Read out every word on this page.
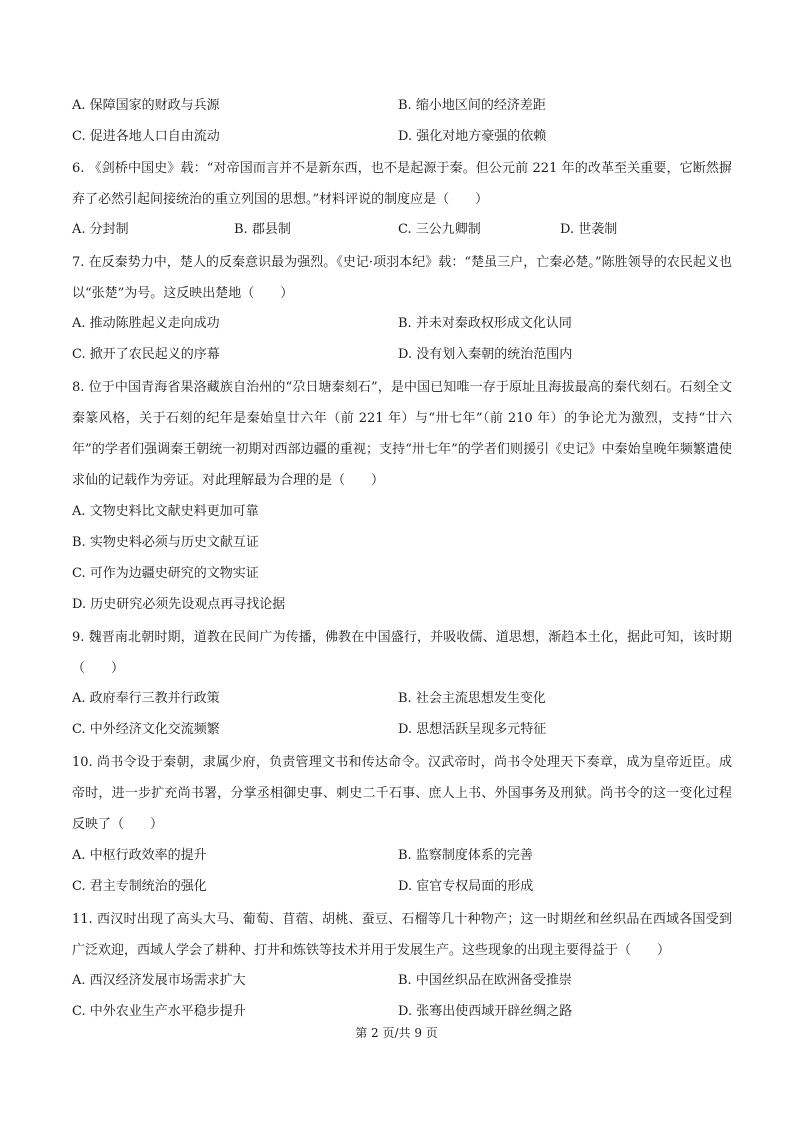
A. 保障国家的财政与兵源	B. 缩小地区间的经济差距
C. 促进各地人口自由流动	D. 强化对地方豪强的依赖
6. 《剑桥中国史》载：“对帝国而言并不是新东西，也不是起源于秦。但公元前 221 年的改革至关重要，它断然摒弃了必然引起间接统治的重立列国的思想。”材料评说的制度应是（　　）
A. 分封制	B. 郡县制	C. 三公九卿制	D. 世袭制
7. 在反秦势力中，楚人的反秦意识最为强烈。《史记·项羽本纪》载：“楚虽三户，亡秦必楚。”陈胜领导的农民起义也以“张楚”为号。这反映出楚地（　　）
A. 推动陈胜起义走向成功	B. 并未对秦政权形成文化认同
C. 掀开了农民起义的序幕	D. 没有划入秦朝的统治范围内
8. 位于中国青海省果洛藏族自治州的“尕日塘秦刻石”，是中国已知唯一存于原址且海拔最高的秦代刻石。石刻全文秦篆风格，关于石刻的纪年是秦始皇廿六年（前 221 年）与“卅七年”（前 210 年）的争论尤为激烈，支持“廿六年”的学者们强调秦王朝统一初期对西部边疆的重视；支持“卅七年”的学者们则援引《史记》中秦始皇晚年频繁遣使求仙的记载作为旁证。对此理解最为合理的是（　　）
A. 文物史料比文献史料更加可靠
B. 实物史料必须与历史文献互证
C. 可作为边疆史研究的文物实证
D. 历史研究必须先设观点再寻找论据
9. 魏晋南北朝时期，道教在民间广为传播，佛教在中国盛行，并吸收儒、道思想，渐趋本土化，据此可知，该时期（　　）
A. 政府奉行三教并行政策	B. 社会主流思想发生变化
C. 中外经济文化交流频繁	D. 思想活跃呈现多元特征
10. 尚书令设于秦朝，隶属少府，负责管理文书和传达命令。汉武帝时，尚书令处理天下奏章，成为皇帝近臣。成帝时，进一步扩充尚书署，分掌丞相御史事、刺史二千石事、庶人上书、外国事务及刑狱。尚书令的这一变化过程反映了（　　）
A. 中枢行政效率的提升	B. 监察制度体系的完善
C. 君主专制统治的强化	D. 宦官专权局面的形成
11. 西汉时出现了高头大马、葡萄、苜蓿、胡桃、蚕豆、石榴等几十种物产；这一时期丝和丝织品在西域各国受到广泛欢迎，西域人学会了耕种、打井和炼铁等技术并用于发展生产。这些现象的出现主要得益于（　　）
A. 西汉经济发展市场需求扩大	B. 中国丝织品在欧洲备受推崇
C. 中外农业生产水平稳步提升	D. 张骞出使西域开辟丝绸之路
第 2 页/共 9 页
